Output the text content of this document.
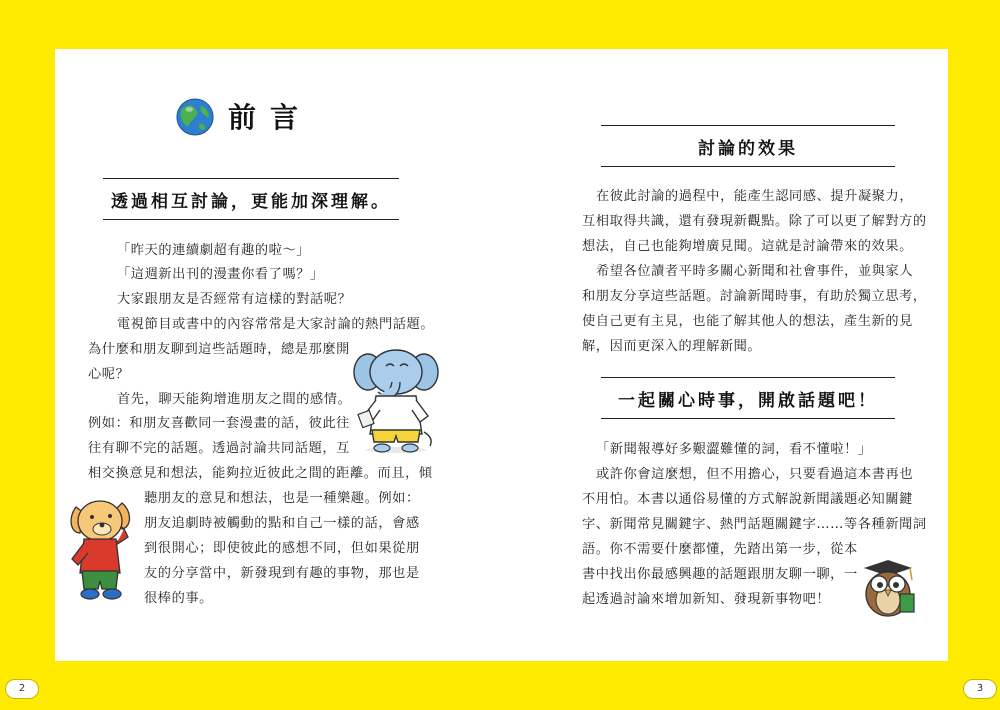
前言
透過相互討論，更能加深理解。
「昨天的連續劇超有趣的啦～」
「這週新出刊的漫畫你看了嗎？」
大家跟朋友是否經常有這樣的對話呢？
電視節目或書中的內容常常是大家討論的熱門話題。
為什麼和朋友聊到這些話題時，總是那麼開
心呢？
首先，聊天能夠增進朋友之間的感情。
例如：和朋友喜歡同一套漫畫的話，彼此往
往有聊不完的話題。透過討論共同話題，互
相交換意見和想法，能夠拉近彼此之間的距離。而且，傾
聽朋友的意見和想法，也是一種樂趣。例如：
朋友追劇時被觸動的點和自己一樣的話，會感
到很開心；即使彼此的感想不同，但如果從朋
友的分享當中，新發現到有趣的事物，那也是
很棒的事。
討論的效果
在彼此討論的過程中，能產生認同感、提升凝聚力，
互相取得共識，還有發現新觀點。除了可以更了解對方的
想法，自己也能夠增廣見聞。這就是討論帶來的效果。
希望各位讀者平時多關心新聞和社會事件，並與家人
和朋友分享這些話題。討論新聞時事，有助於獨立思考，
使自己更有主見，也能了解其他人的想法，產生新的見
解，因而更深入的理解新聞。
一起關心時事，開啟話題吧！
「新聞報導好多艱澀難懂的詞，看不懂啦！」
或許你會這麼想，但不用擔心，只要看過這本書再也
不用怕。本書以通俗易懂的方式解說新聞議題必知關鍵
字、新聞常見關鍵字、熱門話題關鍵字……等各種新聞詞
語。你不需要什麼都懂，先踏出第一步，從本
書中找出你最感興趣的話題跟朋友聊一聊，一
起透過討論來增加新知、發現新事物吧！
2	3
